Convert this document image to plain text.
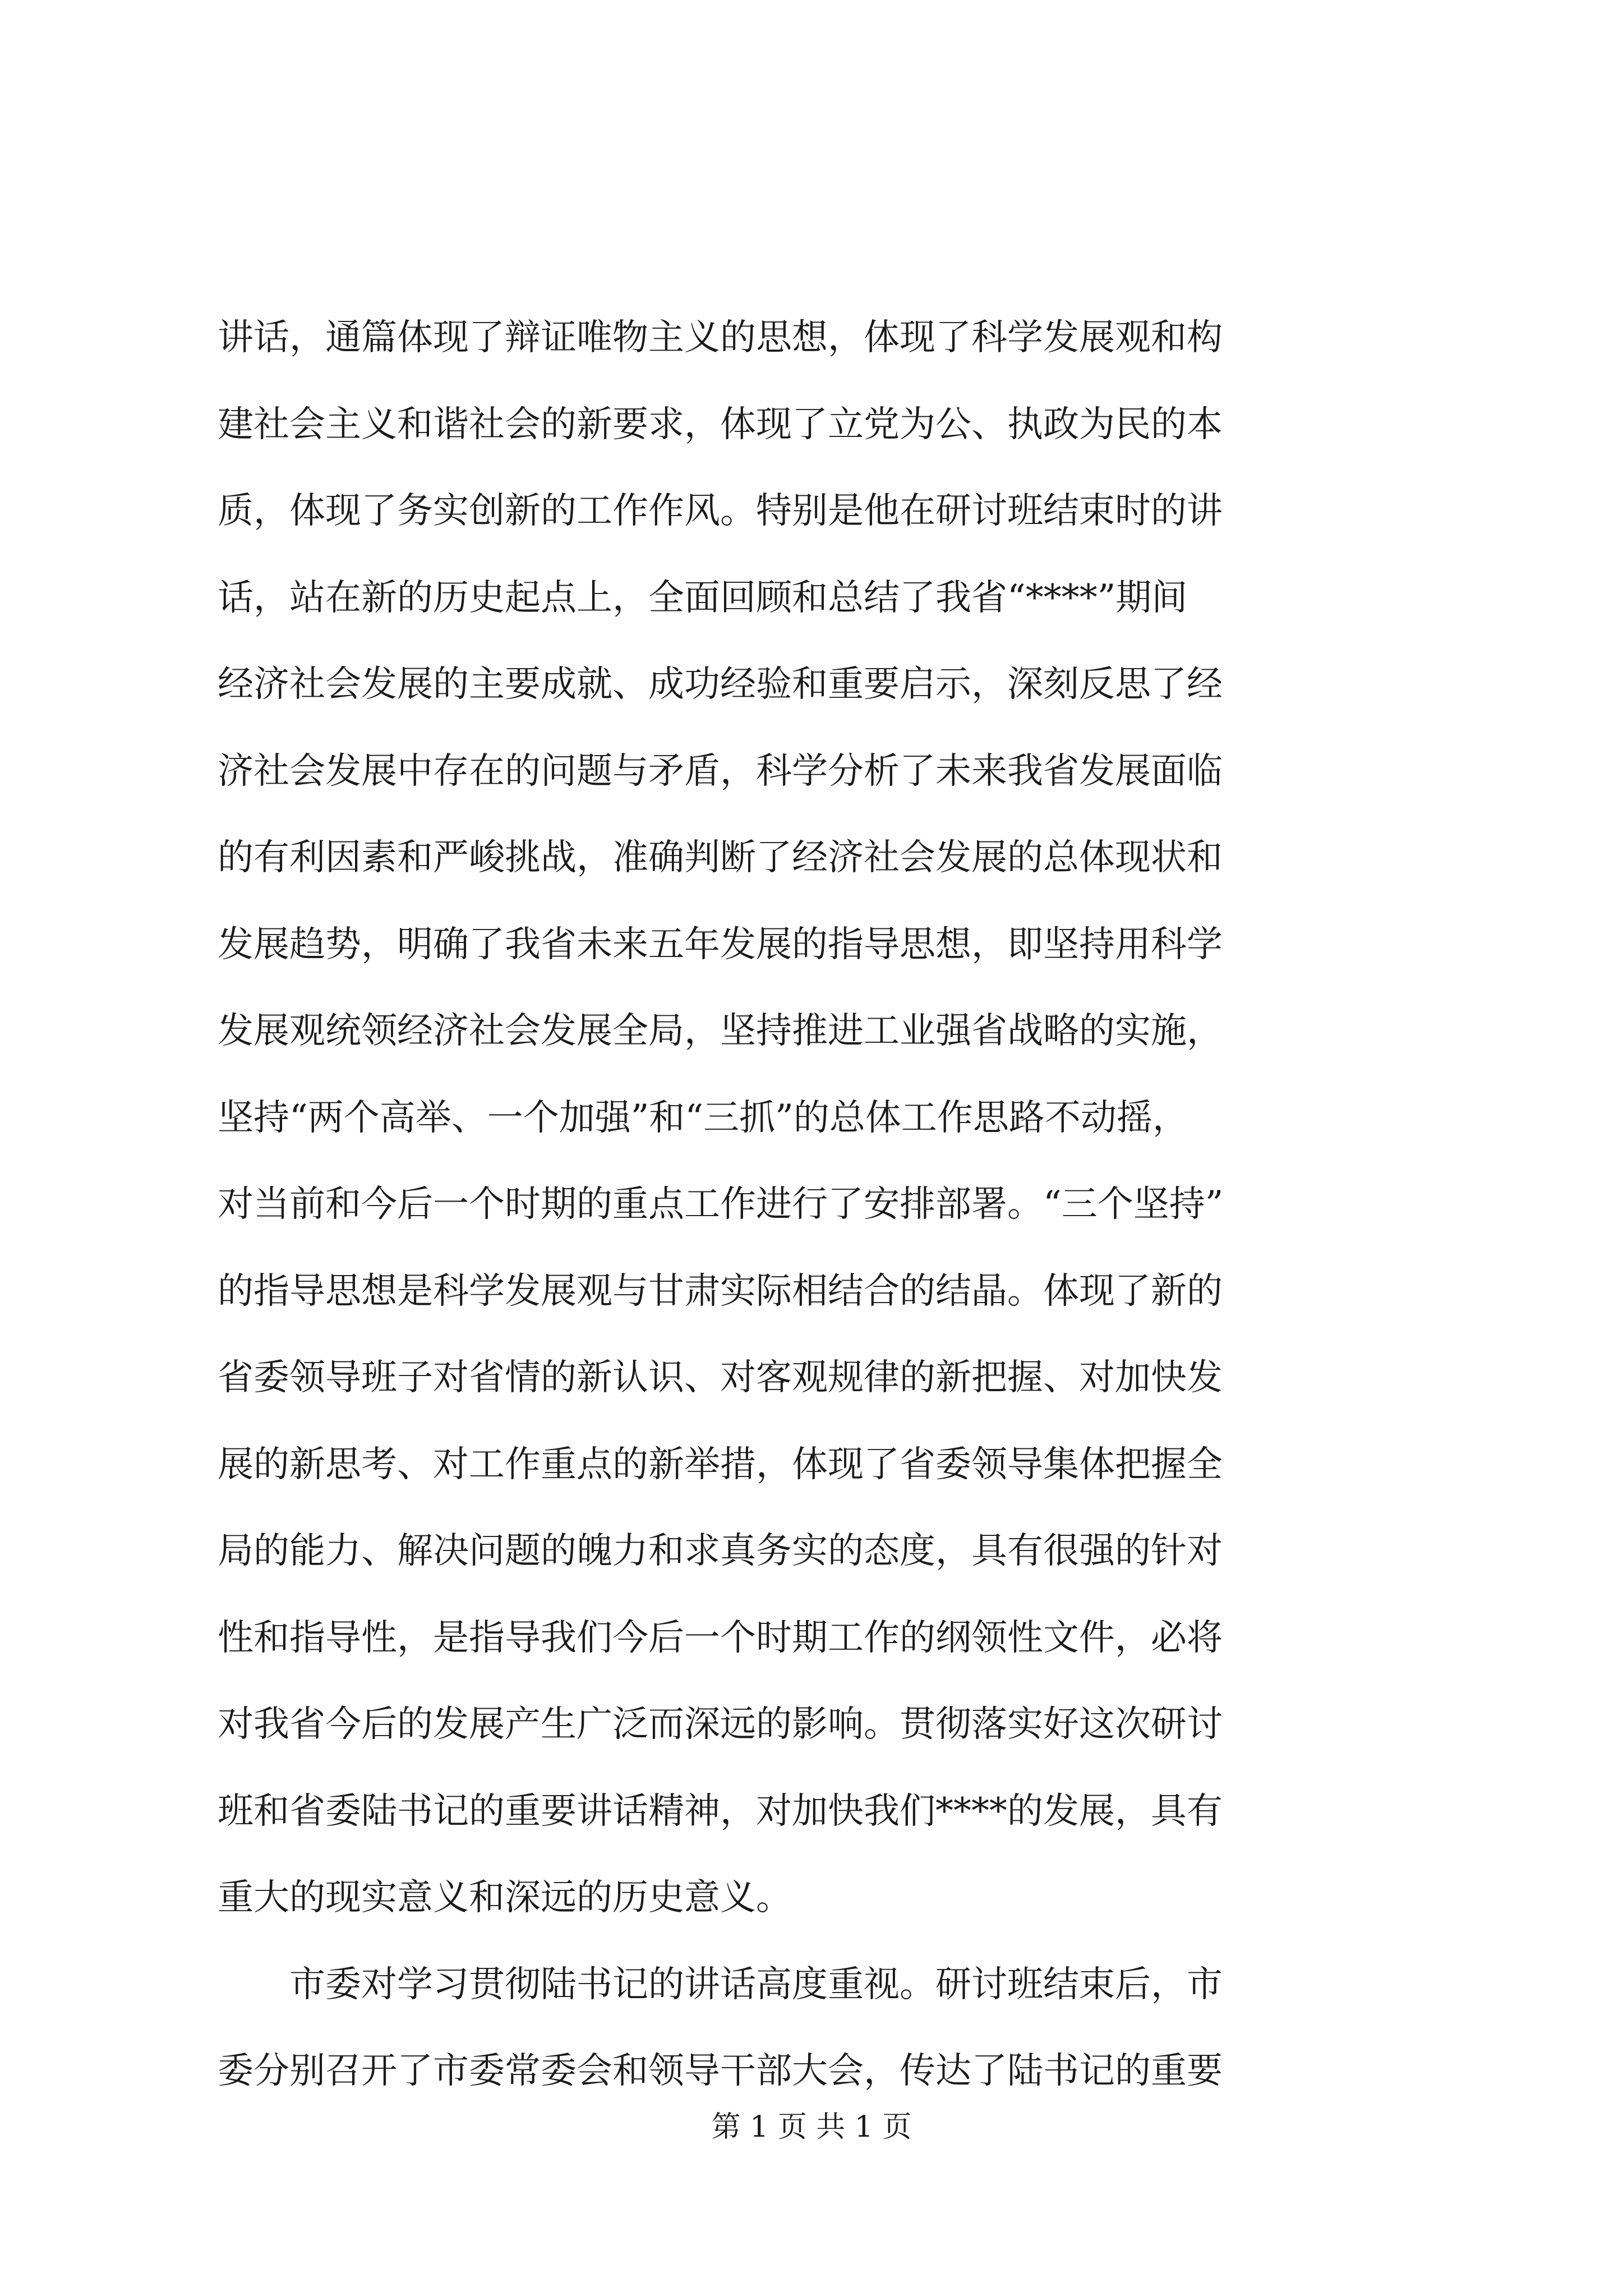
讲话，通篇体现了辩证唯物主义的思想，体现了科学发展观和构
建社会主义和谐社会的新要求，体现了立党为公、执政为民的本
质，体现了务实创新的工作作风。特别是他在研讨班结束时的讲
话，站在新的历史起点上，全面回顾和总结了我省“****”期间
经济社会发展的主要成就、成功经验和重要启示，深刻反思了经
济社会发展中存在的问题与矛盾，科学分析了未来我省发展面临
的有利因素和严峻挑战，准确判断了经济社会发展的总体现状和
发展趋势，明确了我省未来五年发展的指导思想，即坚持用科学
发展观统领经济社会发展全局，坚持推进工业强省战略的实施，
坚持“两个高举、一个加强”和“三抓”的总体工作思路不动摇，
对当前和今后一个时期的重点工作进行了安排部署。“三个坚持”
的指导思想是科学发展观与甘肃实际相结合的结晶。体现了新的
省委领导班子对省情的新认识、对客观规律的新把握、对加快发
展的新思考、对工作重点的新举措，体现了省委领导集体把握全
局的能力、解决问题的魄力和求真务实的态度，具有很强的针对
性和指导性，是指导我们今后一个时期工作的纲领性文件，必将
对我省今后的发展产生广泛而深远的影响。贯彻落实好这次研讨
班和省委陆书记的重要讲话精神，对加快我们****的发展，具有
重大的现实意义和深远的历史意义。
市委对学习贯彻陆书记的讲话高度重视。研讨班结束后，市
委分别召开了市委常委会和领导干部大会，传达了陆书记的重要
第 1 页 共 1 页
